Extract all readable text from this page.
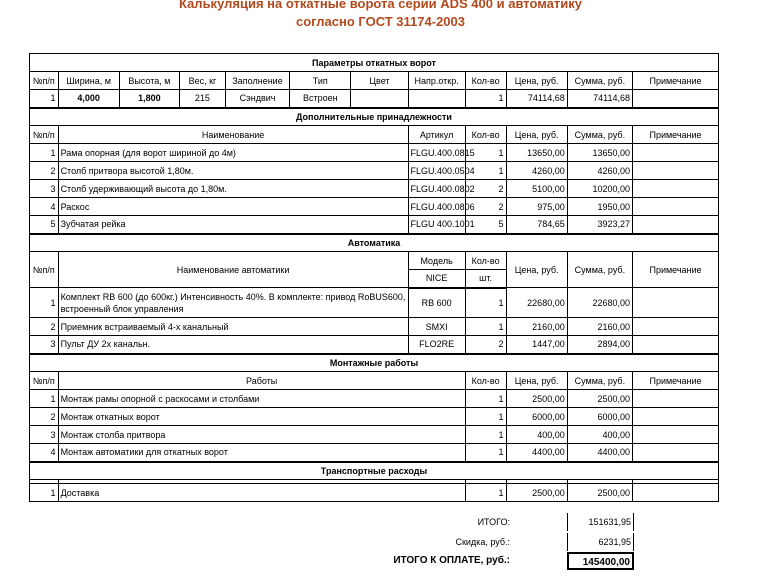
Калькуляция на откатные ворота серии ADS 400 и автоматику
согласно ГОСТ 31174-2003
Параметры откатных ворот											
№п/п	Ширина, м	Высота, м	Вес, кг	Заполнение	Тип	Цвет	Напр.откр.	Кол-во	Цена, руб.	Сумма, руб.	Примечание
1	4,000	1,800	215	Сэндвич	Встроен			1	74114,68	74114,68	
Дополнительные принадлежности											
№п/п	Наименование						Артикул	Кол-во	Цена, руб.	Сумма, руб.	Примечание
1	Рама опорная (для ворот шириной до 4м)						FLGU.400.0815	1	13650,00	13650,00	
2	Столб притвора высотой 1,80м.						FLGU.400.0504	1	4260,00	4260,00	
3	Столб удерживающий высота до 1,80м.						FLGU.400.0802	2	5100,00	10200,00	
4	Раскос						FLGU.400.0806	2	975,00	1950,00	
5	Зубчатая рейка						FLGU 400.1001	5	784,65	3923,27	
Автоматика											
№п/п	Наименование автоматики						Модель	Кол-во	Цена, руб.	Сумма, руб.	Примечание
							NICE	шт.			
1	Комплект RB 600 (до 600кг.) Интенсивность 40%. В комплекте: привод RoBUS600, встроенный блок управления						RB 600	1	22680,00	22680,00	
2	Приемник встраиваемый 4-х канальный						SMXI	1	2160,00	2160,00	
3	Пульт ДУ 2х канальн.						FLO2RE	2	1447,00	2894,00	
Монтажные работы											
№п/п	Работы							Кол-во	Цена, руб.	Сумма, руб.	Примечание
1	Монтаж рамы опорной с раскосами и столбами							1	2500,00	2500,00	
2	Монтаж откатных ворот							1	6000,00	6000,00	
3	Монтаж столба притвора							1	400,00	400,00	
4	Монтаж автоматики для откатных ворот							1	4400,00	4400,00	
Транспортные расходы											

1	Доставка							1	2500,00	2500,00	
ИТОГО:	151631,95
Скидка, руб.:	6231,95
ИТОГО К ОПЛАТЕ, руб.:	145400,00
